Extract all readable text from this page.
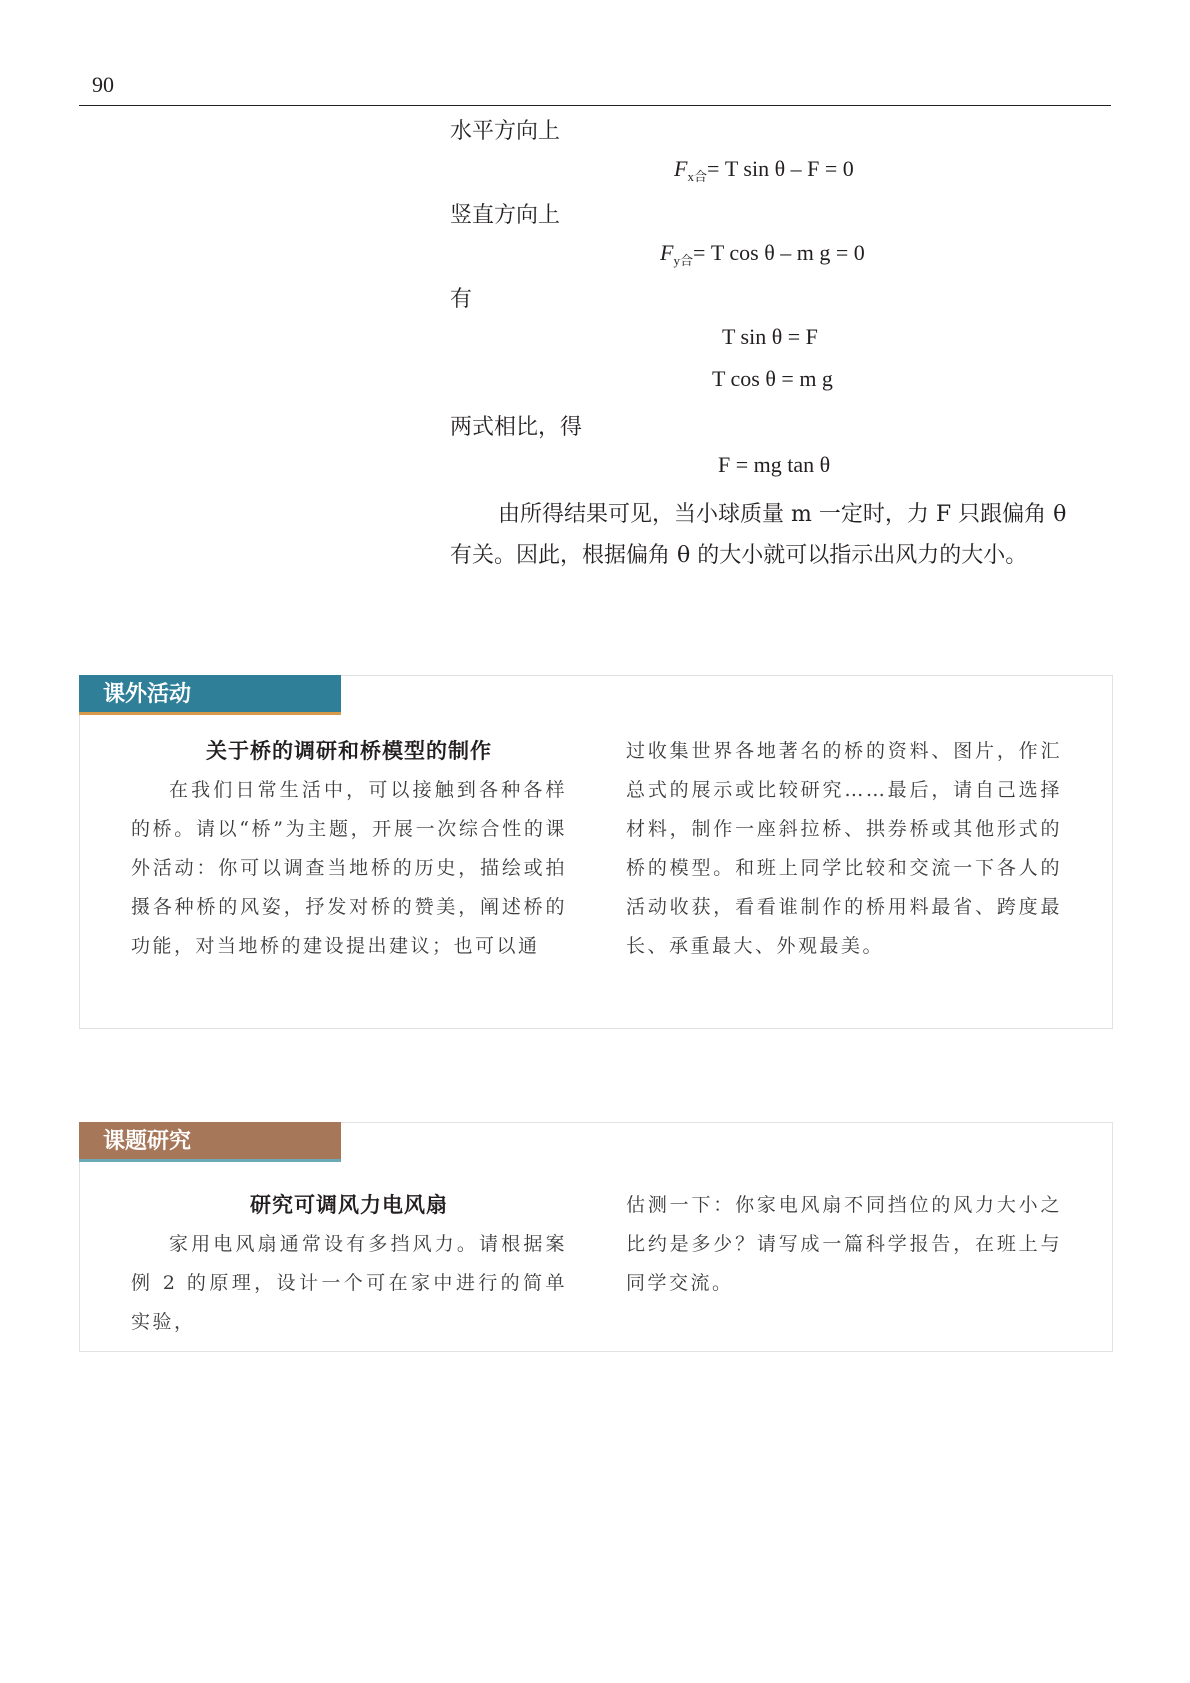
90
水平方向上
$F_{x合}= T$ sin θ – F = 0
竖直方向上
$F_{y合}= T$ cos θ – m g = 0
有
T sin θ = F
T cos θ = m g
两式相比，得
F = mg tan θ

由所得结果可见，当小球质量 m 一定时，力 F 只跟偏角 θ

有关。因此，根据偏角 θ 的大小就可以指示出风力的大小。

课外活动
关于桥的调研和桥模型的制作

在我们日常生活中，可以接触到各种各样的桥。请以“桥”为主题，开展一次综合性的课外活动：你可以调查当地桥的历史，描绘或拍摄各种桥的风姿，抒发对桥的赞美，阐述桥的功能，对当地桥的建设提出建议；也可以通

过收集世界各地著名的桥的资料、图片，作汇总式的展示或比较研究……最后，请自己选择材料，制作一座斜拉桥、拱券桥或其他形式的桥的模型。和班上同学比较和交流一下各人的活动收获，看看谁制作的桥用料最省、跨度最长、承重最大、外观最美。

课题研究
研究可调风力电风扇

家用电风扇通常设有多挡风力。请根据案例 2 的原理，设计一个可在家中进行的简单实验，

估测一下：你家电风扇不同挡位的风力大小之比约是多少？请写成一篇科学报告，在班上与同学交流。
